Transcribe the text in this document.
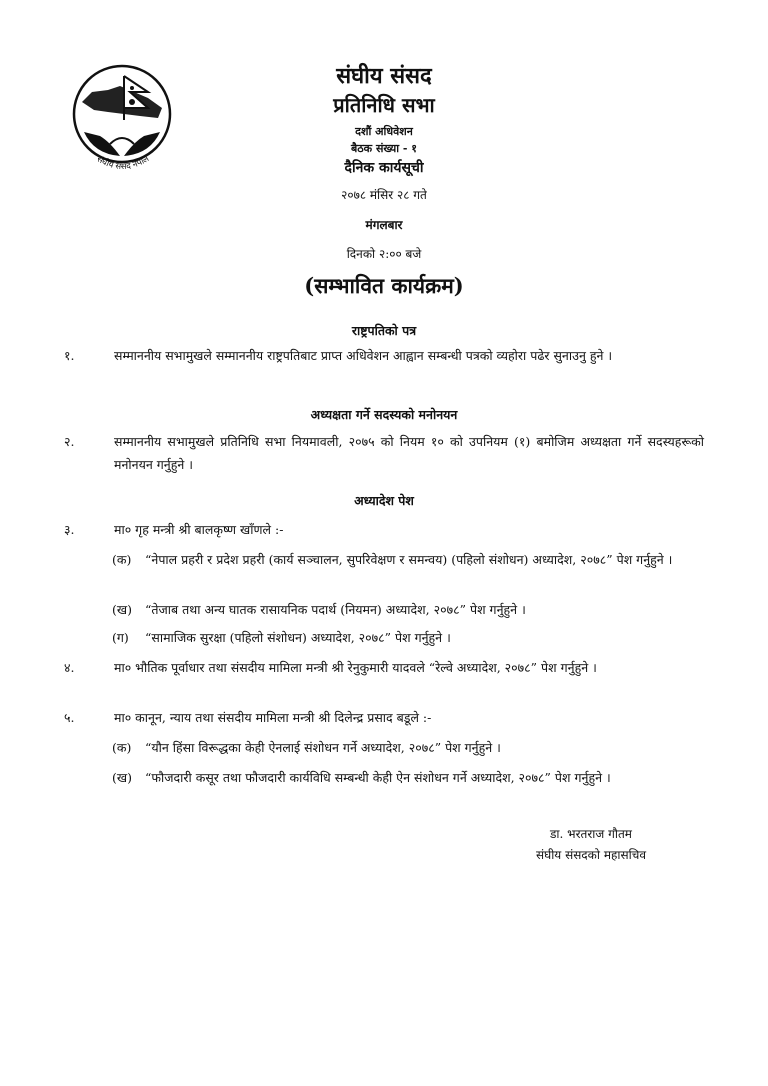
संघीय संसद नेपाल
संघीय संसद
प्रतिनिधि सभा
दशौं अधिवेशन
बैठक संख्या - १
दैनिक कार्यसूची
२०७८ मंसिर २८ गते
मंगलबार
दिनको २:०० बजे
(सम्भावित कार्यक्रम)
राष्ट्रपतिको पत्र
१.	सम्माननीय सभामुखले सम्माननीय राष्ट्रपतिबाट प्राप्त अधिवेशन आह्वान सम्बन्धी पत्रको व्यहोरा पढेर सुनाउनु हुने ।
अध्यक्षता गर्ने सदस्यको मनोनयन
२.	सम्माननीय सभामुखले प्रतिनिधि सभा नियमावली, २०७५ को नियम १० को उपनियम (१) बमोजिम अध्यक्षता गर्ने सदस्यहरूको मनोनयन गर्नुहुने ।
अध्यादेश पेश
३.	मा० गृह मन्त्री श्री बालकृष्ण खाँणले :-
(क) “नेपाल प्रहरी र प्रदेश प्रहरी (कार्य सञ्चालन, सुपरिवेक्षण र समन्वय) (पहिलो संशोधन) अध्यादेश, २०७८” पेश गर्नुहुने ।
(ख) “तेजाब तथा अन्य घातक रासायनिक पदार्थ (नियमन) अध्यादेश, २०७८” पेश गर्नुहुने ।
(ग) “सामाजिक सुरक्षा (पहिलो संशोधन) अध्यादेश, २०७८” पेश गर्नुहुने ।
४.	मा० भौतिक पूर्वाधार तथा संसदीय मामिला मन्त्री श्री रेनुकुमारी यादवले “रेल्वे अध्यादेश, २०७८” पेश गर्नुहुने ।
५.	मा० कानून, न्याय तथा संसदीय मामिला मन्त्री श्री दिलेन्द्र प्रसाद बडूले :-
(क) “यौन हिंसा विरूद्धका केही ऐनलाई संशोधन गर्ने अध्यादेश, २०७८” पेश गर्नुहुने ।
(ख) “फौजदारी कसूर तथा फौजदारी कार्यविधि सम्बन्धी केही ऐन संशोधन गर्ने अध्यादेश, २०७८” पेश गर्नुहुने ।
डा. भरतराज गौतम
संघीय संसदको महासचिव
